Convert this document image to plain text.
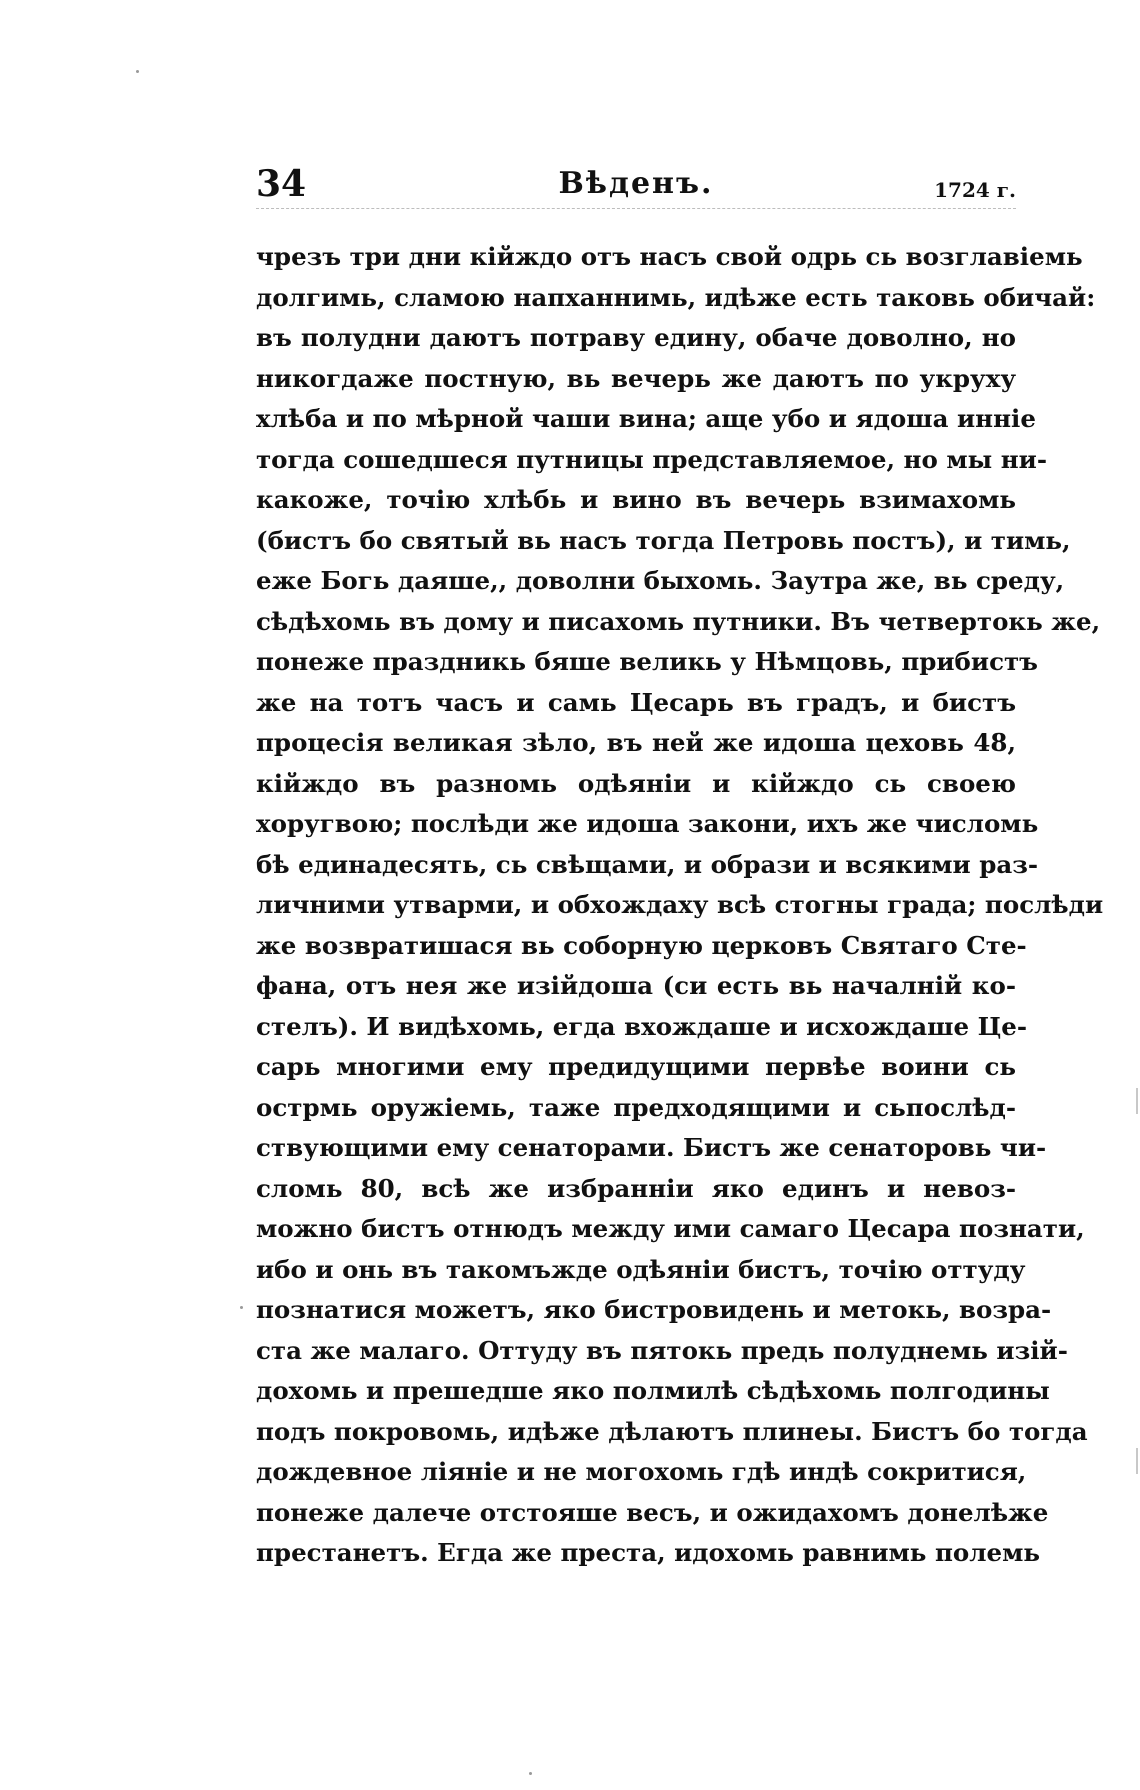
34	Вѣденъ.	1724 г.
чрезъ три дни кійждо отъ насъ свой одрь сь возглавіемь
долгимь, сламою напханнимь, идѣже есть таковь обичай:
въ полудни даютъ потраву едину, обаче доволно, но
никогдаже постную, вь вечерь же даютъ по укруху
хлѣба и по мѣрной чаши вина; аще убо и ядоша инніе
тогда сошедшеся путницы представляемое, но мы ни-
какоже, точію хлѣбь и вино въ вечерь взимахомь
(бистъ бо святый вь насъ тогда Петровь постъ), и тимь,
еже Богь даяше,, доволни быхомь. Заутра же, вь среду,
сѣдѣхомь въ дому и писахомь путники. Въ четвертокь же,
понеже праздникь бяше великь у Нѣмцовь, прибистъ
же на тотъ часъ и самь Цесарь въ градъ, и бистъ
процесія великая зѣло, въ ней же идоша цеховь 48,
кійждо въ разномь одѣяніи и кійждо сь своею
хоругвою; послѣди же идоша закони, ихъ же числомь
бѣ единадесять, сь свѣщами, и образи и всякими раз-
личними утварми, и обхождаху всѣ стогны града; послѣди
же возвратишася вь соборную церковъ Святаго Сте-
фана, отъ нея же изійдоша (си есть вь началній ко-
стелъ). И видѣхомь, егда вхождаше и исхождаше Це-
сарь многими ему предидущими первѣе воини сь
острмь оружіемь, таже предходящими и сьпослѣд-
ствующими ему сенаторами. Бистъ же сенаторовь чи-
сломь 80, всѣ же избранніи яко единъ и невоз-
можно бистъ отнюдъ между ими самаго Цесара познати,
ибо и онь въ такомъжде одѣяніи бистъ, точію оттуду
познатися можетъ, яко бистровидень и метокь, возра-
ста же малаго. Оттуду въ пятокь предь полуднемь изій-
дохомь и прешедше яко полмилѣ сѣдѣхомь полгодины
подъ покровомь, идѣже дѣлаютъ плинеы. Бистъ бо тогда
дождевное ліяніе и не могохомь гдѣ индѣ сокритися,
понеже далече отстояше весъ, и ожидахомъ донелѣже
престанетъ. Егда же преста, идохомь равнимь полемь
